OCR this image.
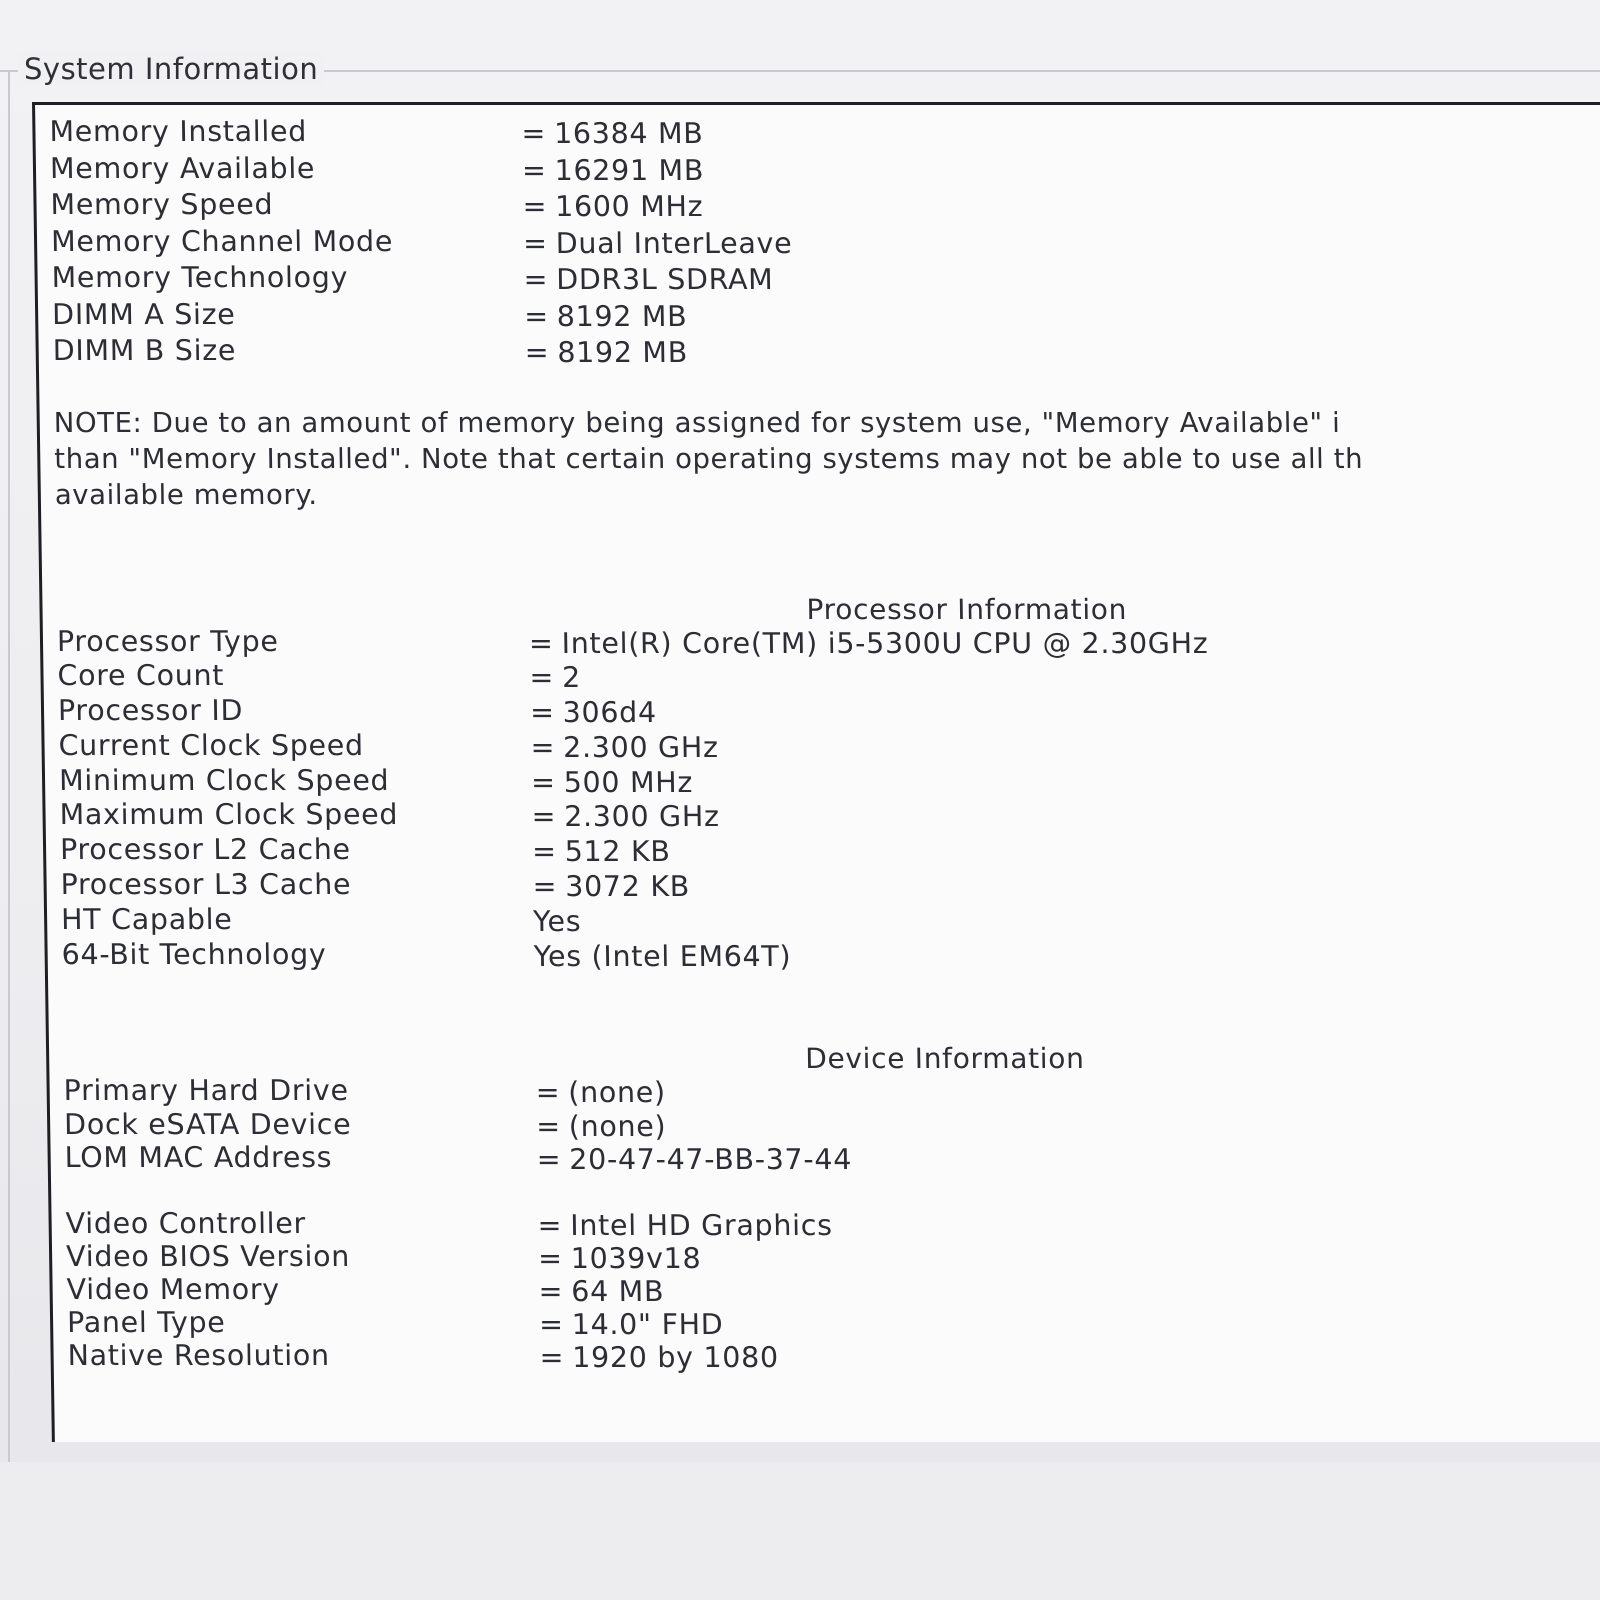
System Information
Memory Installed	= 16384 MB
Memory Available	= 16291 MB
Memory Speed	= 1600 MHz
Memory Channel Mode	= Dual InterLeave
Memory Technology	= DDR3L SDRAM
DIMM A Size	= 8192 MB
DIMM B Size	= 8192 MB
NOTE: Due to an amount of memory being assigned for system use, "Memory Available" i
than "Memory Installed". Note that certain operating systems may not be able to use all th
available memory.
Processor Information
Processor Type	= Intel(R) Core(TM) i5-5300U CPU @ 2.30GHz
Core Count	= 2
Processor ID	= 306d4
Current Clock Speed	= 2.300 GHz
Minimum Clock Speed	= 500 MHz
Maximum Clock Speed	= 2.300 GHz
Processor L2 Cache	= 512 KB
Processor L3 Cache	= 3072 KB
HT Capable	Yes
64-Bit Technology	Yes (Intel EM64T)
Device Information
Primary Hard Drive	= (none)
Dock eSATA Device	= (none)
LOM MAC Address	= 20-47-47-BB-37-44
Video Controller	= Intel HD Graphics
Video BIOS Version	= 1039v18
Video Memory	= 64 MB
Panel Type	= 14.0" FHD
Native Resolution	= 1920 by 1080
